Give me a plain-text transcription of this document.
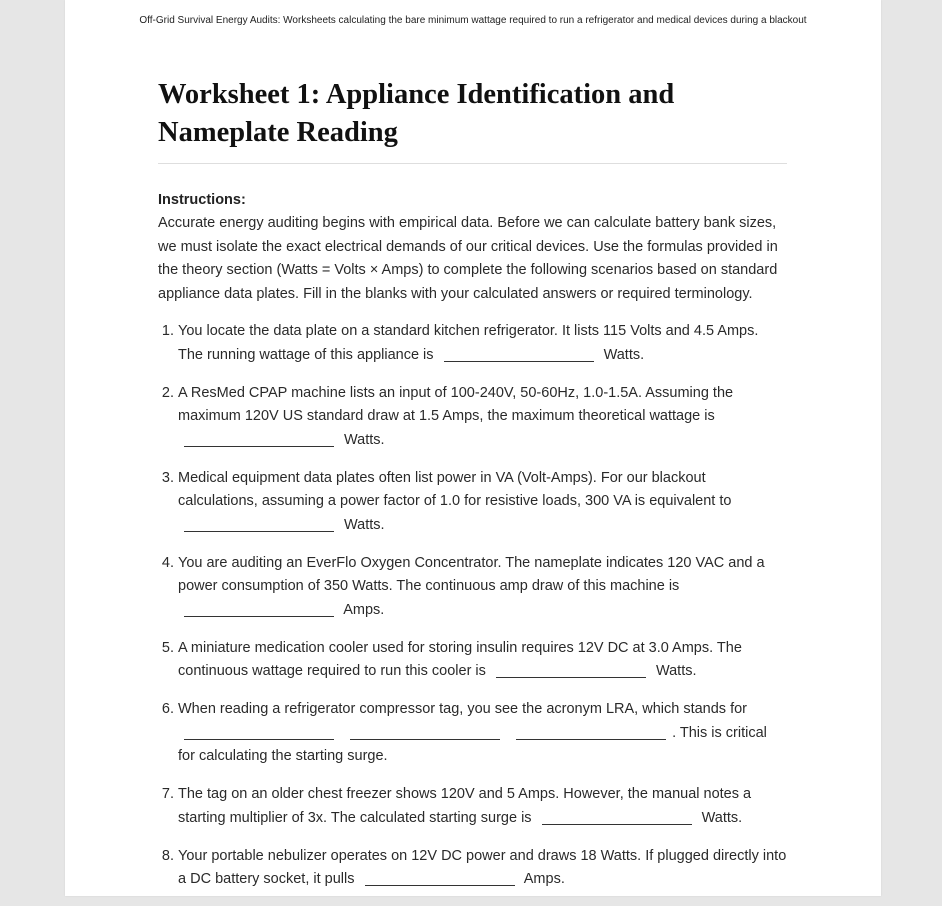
Off-Grid Survival Energy Audits: Worksheets calculating the bare minimum wattage required to run a refrigerator and medical devices during a blackout
Worksheet 1: Appliance Identification and Nameplate Reading
Instructions:
Accurate energy auditing begins with empirical data. Before we can calculate battery bank sizes, we must isolate the exact electrical demands of our critical devices. Use the formulas provided in the theory section (Watts = Volts × Amps) to complete the following scenarios based on standard appliance data plates. Fill in the blanks with your calculated answers or required terminology.
1. You locate the data plate on a standard kitchen refrigerator. It lists 115 Volts and 4.5 Amps. The running wattage of this appliance is	Watts.
2. A ResMed CPAP machine lists an input of 100-240V, 50-60Hz, 1.0-1.5A. Assuming the maximum 120V US standard draw at 1.5 Amps, the maximum theoretical wattage is  Watts.
3. Medical equipment data plates often list power in VA (Volt-Amps). For our blackout calculations, assuming a power factor of 1.0 for resistive loads, 300 VA is equivalent to  Watts.
4. You are auditing an EverFlo Oxygen Concentrator. The nameplate indicates 120 VAC and a power consumption of 350 Watts. The continuous amp draw of this machine is  Amps.
5. A miniature medication cooler used for storing insulin requires 12V DC at 3.0 Amps. The continuous wattage required to run this cooler is	Watts.
6. When reading a refrigerator compressor tag, you see the acronym LRA, which stands for   . This is critical for calculating the starting surge.
7. The tag on an older chest freezer shows 120V and 5 Amps. However, the manual notes a starting multiplier of 3x. The calculated starting surge is	Watts.
8. Your portable nebulizer operates on 12V DC power and draws 18 Watts. If plugged directly into a DC battery socket, it pulls	Amps.
